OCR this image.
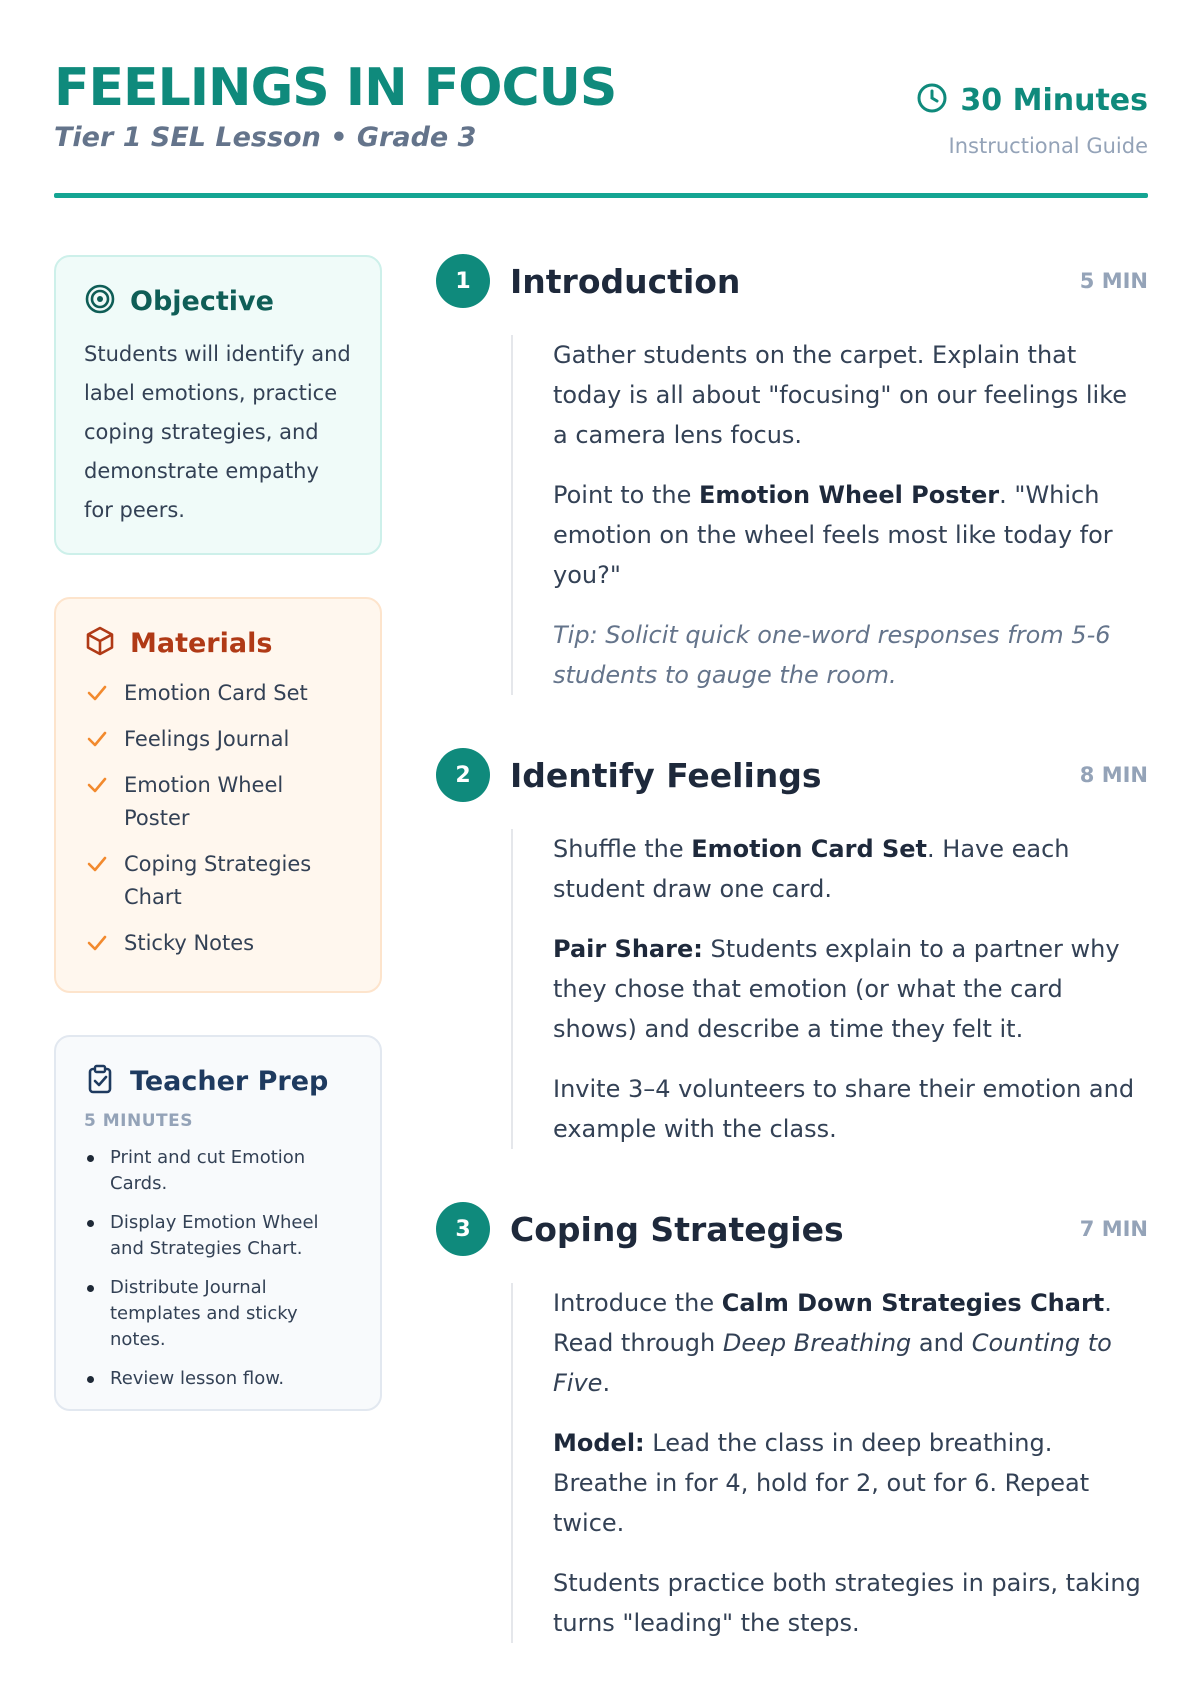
FEELINGS IN FOCUS
Tier 1 SEL Lesson • Grade 3
30 Minutes
Instructional Guide
Objective

Students will identify and label emotions, practice coping strategies, and demonstrate empathy for peers.

Materials
Emotion Card Set
Feelings Journal
Emotion Wheel Poster
Coping Strategies Chart
Sticky Notes
Teacher Prep
5 MINUTES
Print and cut Emotion Cards.
Display Emotion Wheel and Strategies Chart.
Distribute Journal templates and sticky notes.
Review lesson flow.
1	Introduction	5 MIN

Gather students on the carpet. Explain that today is all about "focusing" on our feelings like a camera lens focus.

Point to the Emotion Wheel Poster. "Which emotion on the wheel feels most like today for you?"

Tip: Solicit quick one-word responses from 5-6 students to gauge the room.

2	Identify Feelings	8 MIN

Shuffle the Emotion Card Set. Have each student draw one card.

Pair Share: Students explain to a partner why they chose that emotion (or what the card shows) and describe a time they felt it.

Invite 3–4 volunteers to share their emotion and example with the class.

3	Coping Strategies	7 MIN

Introduce the Calm Down Strategies Chart. Read through Deep Breathing and Counting to Five.

Model: Lead the class in deep breathing. Breathe in for 4, hold for 2, out for 6. Repeat twice.

Students practice both strategies in pairs, taking turns "leading" the steps.
